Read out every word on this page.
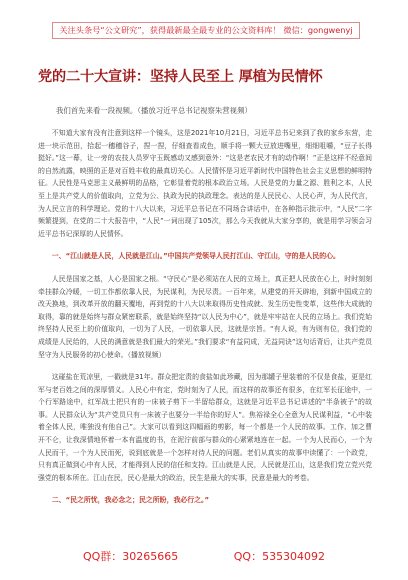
关注头条号“公文研究”，获得最新最全最专业的公文资料库！ 微信：gongwenyj
党的二十大宣讲：坚持人民至上 厚植为民情怀
我们首先来看一段视频。（播放习近平总书记视察朱营视频）

不知道大家有没有注意到这样一个镜头，这是2021年10月21日，习近平总书记来到了我的家乡东营，走进一块示范田，拾起一穗穗谷子，捏一捏，仔细查看成色，顺手将一颗大豆放进嘴里，细细咀嚼，“豆子长得挺好。”这一幕，让一旁的农技人员罗守玉既感动又感到意外：“这是老农民才有的动作啊！”正是这样不经意间的自然流露，映照的正是对百姓丰收的最真切关心。人民情怀是习近平新时代中国特色社会主义思想的鲜明特征。人民性是马克思主义最鲜明的品格，它彰显着党的根本政治立场。人民是党的力量之源、胜利之本，人民至上是共产党人的价值取向，立党为公、执政为民的执政理念。表达的是人民民心、人民心声，为人民代言，为人民立言的科学理论。党的十八大以来，习近平总书记在不同场合讲话中，在各种指示批示中，“人民”二字频繁提到，在党的二十大报告中，“人民”一词出现了105次，那么今天我就从大家分享的，就是用学习领会习近平总书记深厚的人民情怀。

一、“江山就是人民，人民就是江山。”中国共产党领导人民打江山、守江山，守的是人民的心。

人民是国家之基，人心是国家之根。“守民心”是必须站在人民的立场上，真正把人民放在心上，时时刻刻牵挂群众冷暖，一切工作都依靠人民，为民谋利，为民尽责。一百年来，从建党的开天辟地，到新中国成立的改天换地，到改革开放的翻天覆地，再到党的十八大以来取得历史性成就、发生历史性变革，这些伟大成就的取得，靠的就是始终与群众紧密联系，就是始终坚持“以人民为中心”，就是牢牢站在人民的立场上。我们党始终坚持人民至上的价值取向，一切为了人民，一切依靠人民，这就是宗旨。“有人说，有为则有位，我们党的成绩是人民给的，人民的满意就是我们最大的荣光。”我们要求“有益同成，无益同诀”这句话背后，让共产党员坚守为人民服务的初心使命。（播放视频）

这碰盐在荒凉里，一戳就是31年。群众把定责的食盐如此珍藏，因为那罐子里装着的不仅是食盐，更是红军与老百姓之间的深厚情义。人民心中有定，党时刻为了人民，而这样的故事还有很多，在红军长征途中，一个行军路途中，红军战士把只有的一床被子剪下一半留给群众，这就是习近平总书记讲述的“半条被子”的故事。人民群众认为“共产党员只有一床被子也要分一半给你的好人”。焦裕禄全心全意为人民谋利益，“心中装着全体人民，唯独没有他自己”。大家可以看到这四幅画的剪影，每一个都是一个人民的故事。工作、加之曹开不仑，让我深情地怀着一本有温度的书，在泥泞前部与群众的心紧紧地连在一起。一个为人民而心，一个为人民而干，一个为人民而死，说到底就是一个怎样对待人民的问题。老们从真实的故事中读懂了：一个政党，只有真正做到心中有人民，才能得到人民的信任和支持。江山就是人民，人民就是江山，这是我们党立党兴党强党的根本所在。江山在民，民心是最大的政治，民生是最大的实事，民意是最大的考卷。

二、“民之所忧，我必念之；民之所盼，我必行之。”

QQ群：30265665	QQ：535304092
